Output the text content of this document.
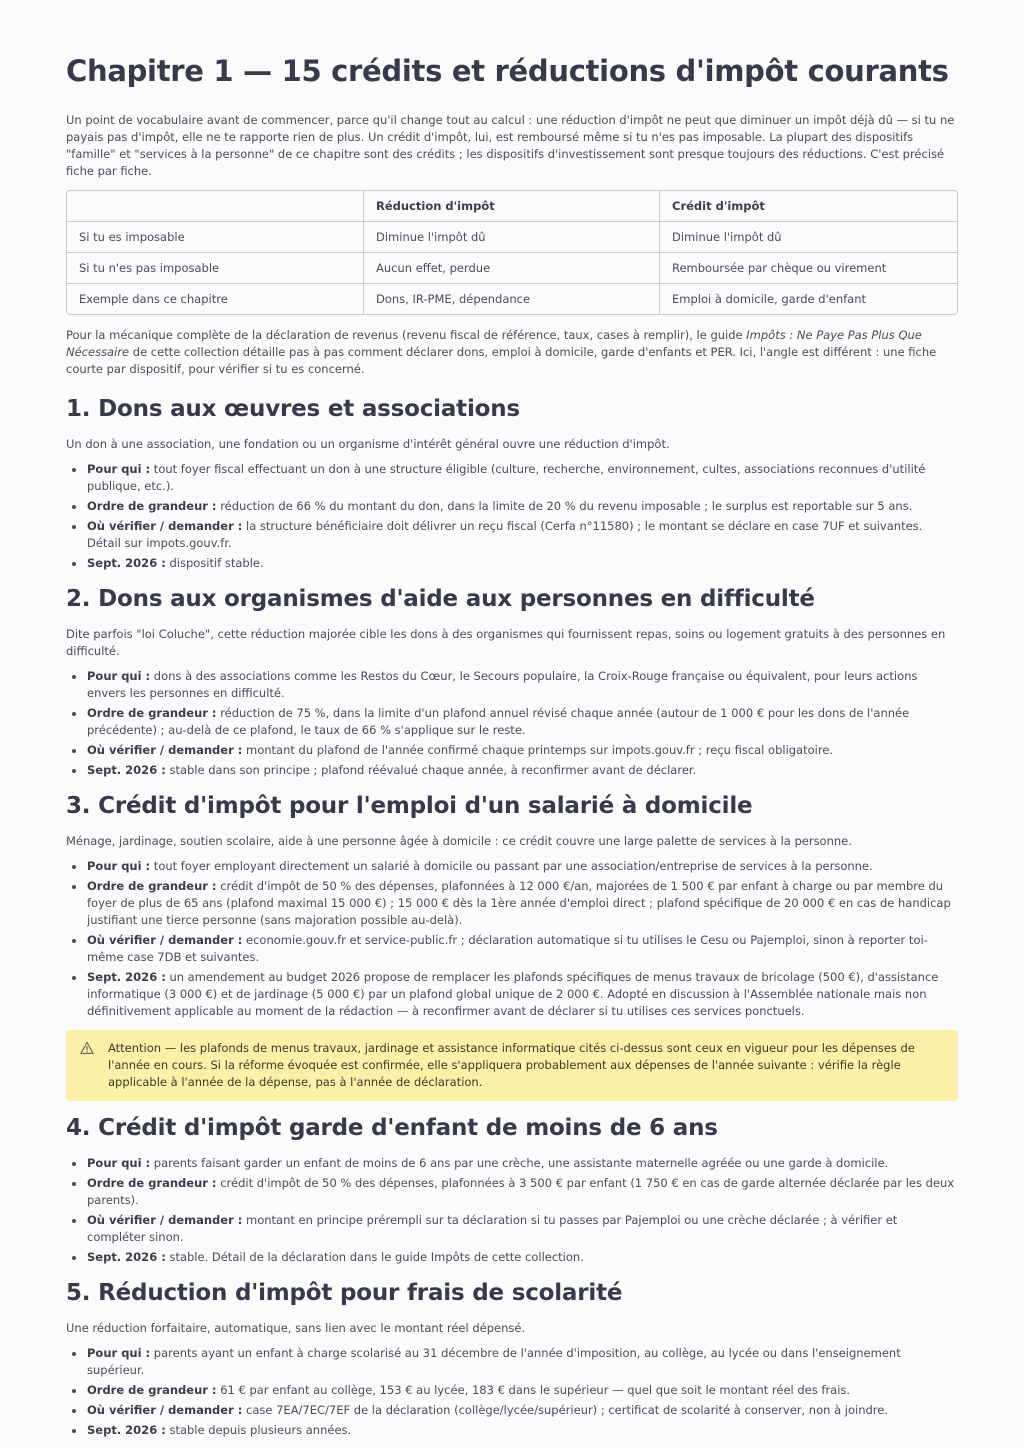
Chapitre 1 — 15 crédits et réductions d'impôt courants

Un point de vocabulaire avant de commencer, parce qu'il change tout au calcul : une réduction d'impôt ne peut que diminuer un impôt déjà dû — si tu ne payais pas d'impôt, elle ne te rapporte rien de plus. Un crédit d'impôt, lui, est remboursé même si tu n'es pas imposable. La plupart des dispositifs "famille" et "services à la personne" de ce chapitre sont des crédits ; les dispositifs d'investissement sont presque toujours des réductions. C'est précisé fiche par fiche.

	Réduction d'impôt	Crédit d'impôt
Si tu es imposable	Diminue l'impôt dû	Diminue l'impôt dû
Si tu n'es pas imposable	Aucun effet, perdue	Remboursée par chèque ou virement
Exemple dans ce chapitre	Dons, IR-PME, dépendance	Emploi à domicile, garde d'enfant

Pour la mécanique complète de la déclaration de revenus (revenu fiscal de référence, taux, cases à remplir), le guide Impôts : Ne Paye Pas Plus Que Nécessaire de cette collection détaille pas à pas comment déclarer dons, emploi à domicile, garde d'enfants et PER. Ici, l'angle est différent : une fiche courte par dispositif, pour vérifier si tu es concerné.

1. Dons aux œuvres et associations

Un don à une association, une fondation ou un organisme d'intérêt général ouvre une réduction d'impôt.

• Pour qui : tout foyer fiscal effectuant un don à une structure éligible (culture, recherche, environnement, cultes, associations reconnues d'utilité publique, etc.).
• Ordre de grandeur : réduction de 66 % du montant du don, dans la limite de 20 % du revenu imposable ; le surplus est reportable sur 5 ans.
• Où vérifier / demander : la structure bénéficiaire doit délivrer un reçu fiscal (Cerfa n°11580) ; le montant se déclare en case 7UF et suivantes. Détail sur impots.gouv.fr.
• Sept. 2026 : dispositif stable.
2. Dons aux organismes d'aide aux personnes en difficulté

Dite parfois "loi Coluche", cette réduction majorée cible les dons à des organismes qui fournissent repas, soins ou logement gratuits à des personnes en difficulté.

• Pour qui : dons à des associations comme les Restos du Cœur, le Secours populaire, la Croix-Rouge française ou équivalent, pour leurs actions envers les personnes en difficulté.
• Ordre de grandeur : réduction de 75 %, dans la limite d'un plafond annuel révisé chaque année (autour de 1 000 € pour les dons de l'année précédente) ; au-delà de ce plafond, le taux de 66 % s'applique sur le reste.
• Où vérifier / demander : montant du plafond de l'année confirmé chaque printemps sur impots.gouv.fr ; reçu fiscal obligatoire.
• Sept. 2026 : stable dans son principe ; plafond réévalué chaque année, à reconfirmer avant de déclarer.
3. Crédit d'impôt pour l'emploi d'un salarié à domicile

Ménage, jardinage, soutien scolaire, aide à une personne âgée à domicile : ce crédit couvre une large palette de services à la personne.

• Pour qui : tout foyer employant directement un salarié à domicile ou passant par une association/entreprise de services à la personne.
• Ordre de grandeur : crédit d'impôt de 50 % des dépenses, plafonnées à 12 000 €/an, majorées de 1 500 € par enfant à charge ou par membre du foyer de plus de 65 ans (plafond maximal 15 000 €) ; 15 000 € dès la 1ère année d'emploi direct ; plafond spécifique de 20 000 € en cas de handicap justifiant une tierce personne (sans majoration possible au-delà).
• Où vérifier / demander : economie.gouv.fr et service-public.fr ; déclaration automatique si tu utilises le Cesu ou Pajemploi, sinon à reporter toi-même case 7DB et suivantes.
• Sept. 2026 : un amendement au budget 2026 propose de remplacer les plafonds spécifiques de menus travaux de bricolage (500 €), d'assistance informatique (3 000 €) et de jardinage (5 000 €) par un plafond global unique de 2 000 €. Adopté en discussion à l'Assemblée nationale mais non définitivement applicable au moment de la rédaction — à reconfirmer avant de déclarer si tu utilises ces services ponctuels.
Attention — les plafonds de menus travaux, jardinage et assistance informatique cités ci-dessus sont ceux en vigueur pour les dépenses de l'année en cours. Si la réforme évoquée est confirmée, elle s'appliquera probablement aux dépenses de l'année suivante : vérifie la règle applicable à l'année de la dépense, pas à l'année de déclaration.
4. Crédit d'impôt garde d'enfant de moins de 6 ans
• Pour qui : parents faisant garder un enfant de moins de 6 ans par une crèche, une assistante maternelle agréée ou une garde à domicile.
• Ordre de grandeur : crédit d'impôt de 50 % des dépenses, plafonnées à 3 500 € par enfant (1 750 € en cas de garde alternée déclarée par les deux parents).
• Où vérifier / demander : montant en principe prérempli sur ta déclaration si tu passes par Pajemploi ou une crèche déclarée ; à vérifier et compléter sinon.
• Sept. 2026 : stable. Détail de la déclaration dans le guide Impôts de cette collection.
5. Réduction d'impôt pour frais de scolarité

Une réduction forfaitaire, automatique, sans lien avec le montant réel dépensé.

• Pour qui : parents ayant un enfant à charge scolarisé au 31 décembre de l'année d'imposition, au collège, au lycée ou dans l'enseignement supérieur.
• Ordre de grandeur : 61 € par enfant au collège, 153 € au lycée, 183 € dans le supérieur — quel que soit le montant réel des frais.
• Où vérifier / demander : case 7EA/7EC/7EF de la déclaration (collège/lycée/supérieur) ; certificat de scolarité à conserver, non à joindre.
• Sept. 2026 : stable depuis plusieurs années.
